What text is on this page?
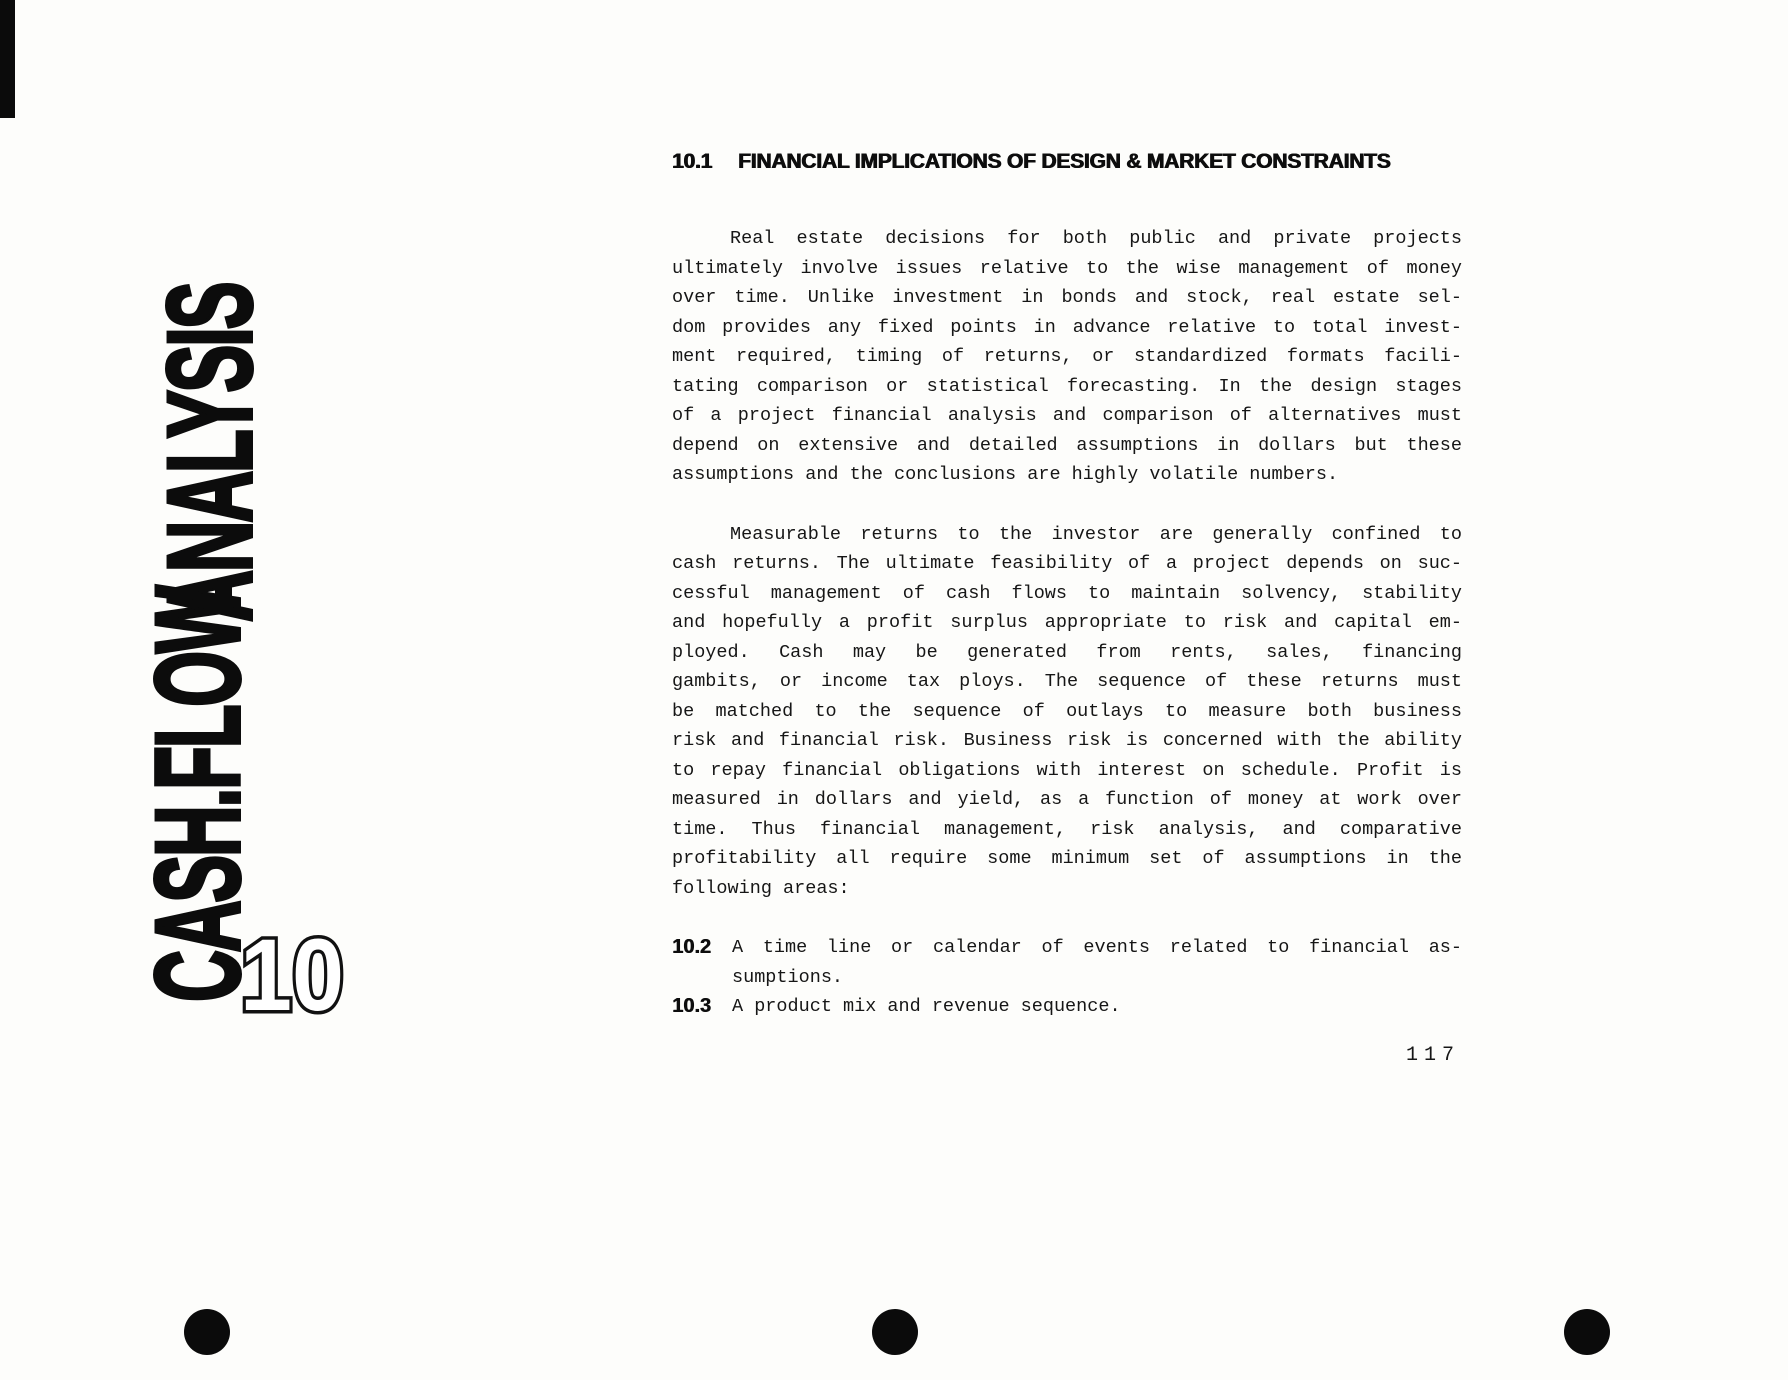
CASH.FLOW
ANALYSIS
10
10.1 FINANCIAL IMPLICATIONS OF DESIGN & MARKET CONSTRAINTS
Real estate decisions for both public and private projects
ultimately involve issues relative to the wise management of money
over time. Unlike investment in bonds and stock, real estate sel-
dom provides any fixed points in advance relative to total invest-
ment required, timing of returns, or standardized formats facili-
tating comparison or statistical forecasting. In the design stages
of a project financial analysis and comparison of alternatives must
depend on extensive and detailed assumptions in dollars but these
assumptions and the conclusions are highly volatile numbers.
Measurable returns to the investor are generally confined to
cash returns. The ultimate feasibility of a project depends on suc-
cessful management of cash flows to maintain solvency, stability
and hopefully a profit surplus appropriate to risk and capital em-
ployed. Cash may be generated from rents, sales, financing
gambits, or income tax ploys. The sequence of these returns must
be matched to the sequence of outlays to measure both business
risk and financial risk. Business risk is concerned with the ability
to repay financial obligations with interest on schedule. Profit is
measured in dollars and yield, as a function of money at work over
time. Thus financial management, risk analysis, and comparative
profitability all require some minimum set of assumptions in the
following areas:
10.2	A time line or calendar of events related to financial as-
sumptions.
10.3	A product mix and revenue sequence.
117
